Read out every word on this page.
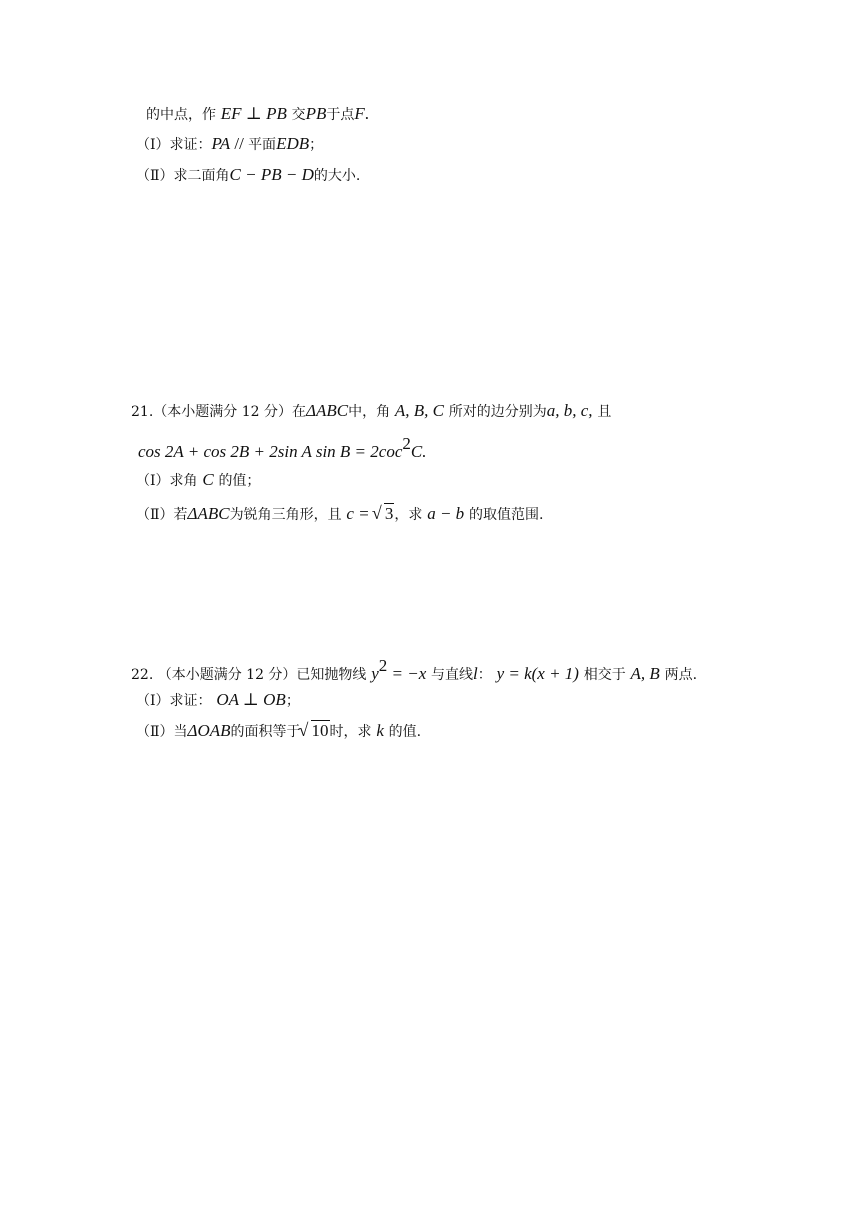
的中点，作 EF ⊥ PB 交PB于点F.
（Ⅰ）求证：PA // 平面EDB；
（Ⅱ）求二面角C − PB − D的大小.
21.（本小题满分 12 分）在ΔABC中，角 A, B, C 所对的边分别为a, b, c, 且
cos 2A + cos 2B + 2sin A sin B = 2coc$^2$C.
（Ⅰ）求角 C 的值；
（Ⅱ）若ΔABC为锐角三角形，且 c = √ 3，求 a − b 的取值范围.
22. （本小题满分 12 分）已知抛物线 $y^2 = -x$ 与直线l： y = k(x + 1) 相交于 A, B 两点.
（Ⅰ）求证： OA ⊥ OB；
（Ⅱ）当ΔOAB的面积等于√ 10时，求 k 的值.
